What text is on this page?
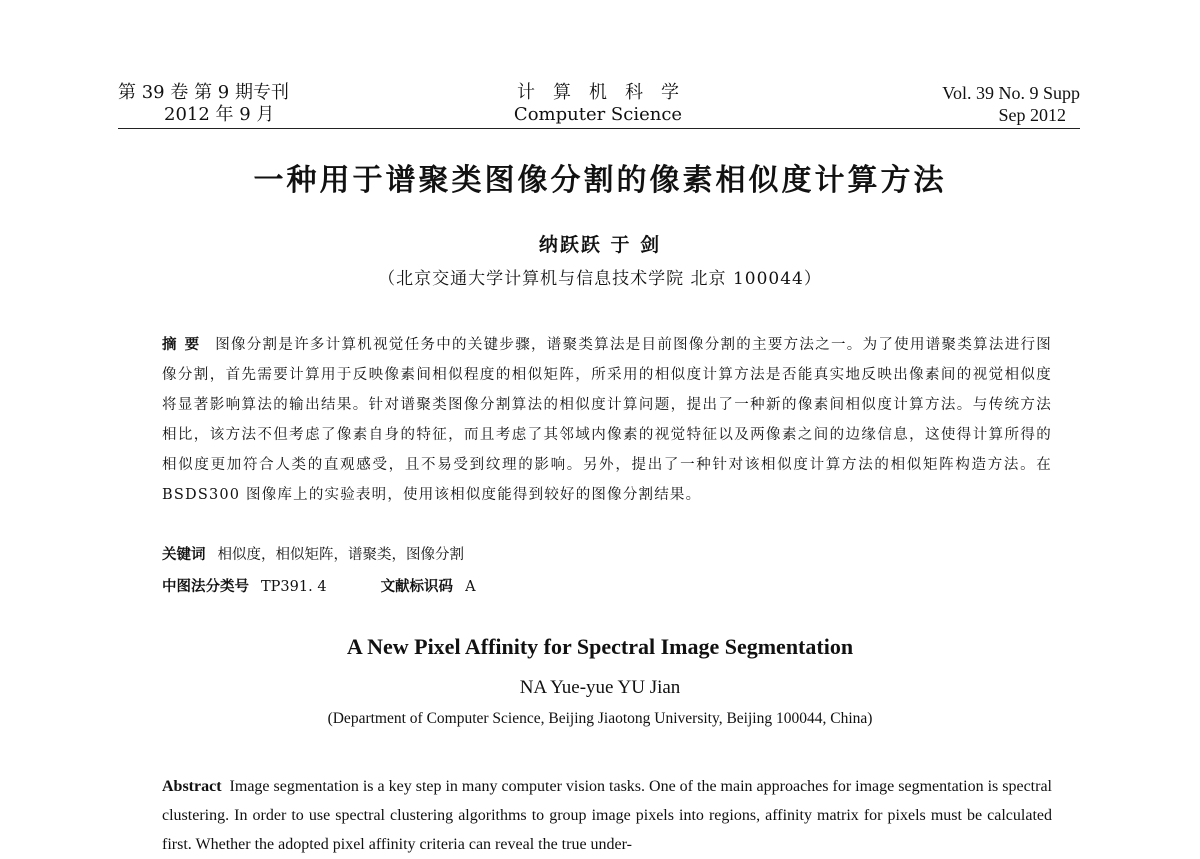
第 39 卷 第 9 期专刊
2012 年 9 月
计算机科学
Computer Science
Vol. 39 No. 9 Supp
Sep 2012
一种用于谱聚类图像分割的像素相似度计算方法
纳跃跃 于 剑
（北京交通大学计算机与信息技术学院 北京 100044）
摘要 图像分割是许多计算机视觉任务中的关键步骤，谱聚类算法是目前图像分割的主要方法之一。为了使用谱聚类算法进行图像分割，首先需要计算用于反映像素间相似程度的相似矩阵，所采用的相似度计算方法是否能真实地反映出像素间的视觉相似度将显著影响算法的输出结果。针对谱聚类图像分割算法的相似度计算问题，提出了一种新的像素间相似度计算方法。与传统方法相比，该方法不但考虑了像素自身的特征，而且考虑了其邻域内像素的视觉特征以及两像素之间的边缘信息，这使得计算所得的相似度更加符合人类的直观感受，且不易受到纹理的影响。另外，提出了一种针对该相似度计算方法的相似矩阵构造方法。在 BSDS300 图像库上的实验表明，使用该相似度能得到较好的图像分割结果。
关键词 相似度，相似矩阵，谱聚类，图像分割
中图法分类号 TP391. 4	文献标识码 A
A New Pixel Affinity for Spectral Image Segmentation
NA Yue-yue YU Jian
(Department of Computer Science, Beijing Jiaotong University, Beijing 100044, China)
Abstract Image segmentation is a key step in many computer vision tasks. One of the main approaches for image segmentation is spectral clustering. In order to use spectral clustering algorithms to group image pixels into regions, affinity matrix for pixels must be calculated first. Whether the adopted pixel affinity criteria can reveal the true under-
